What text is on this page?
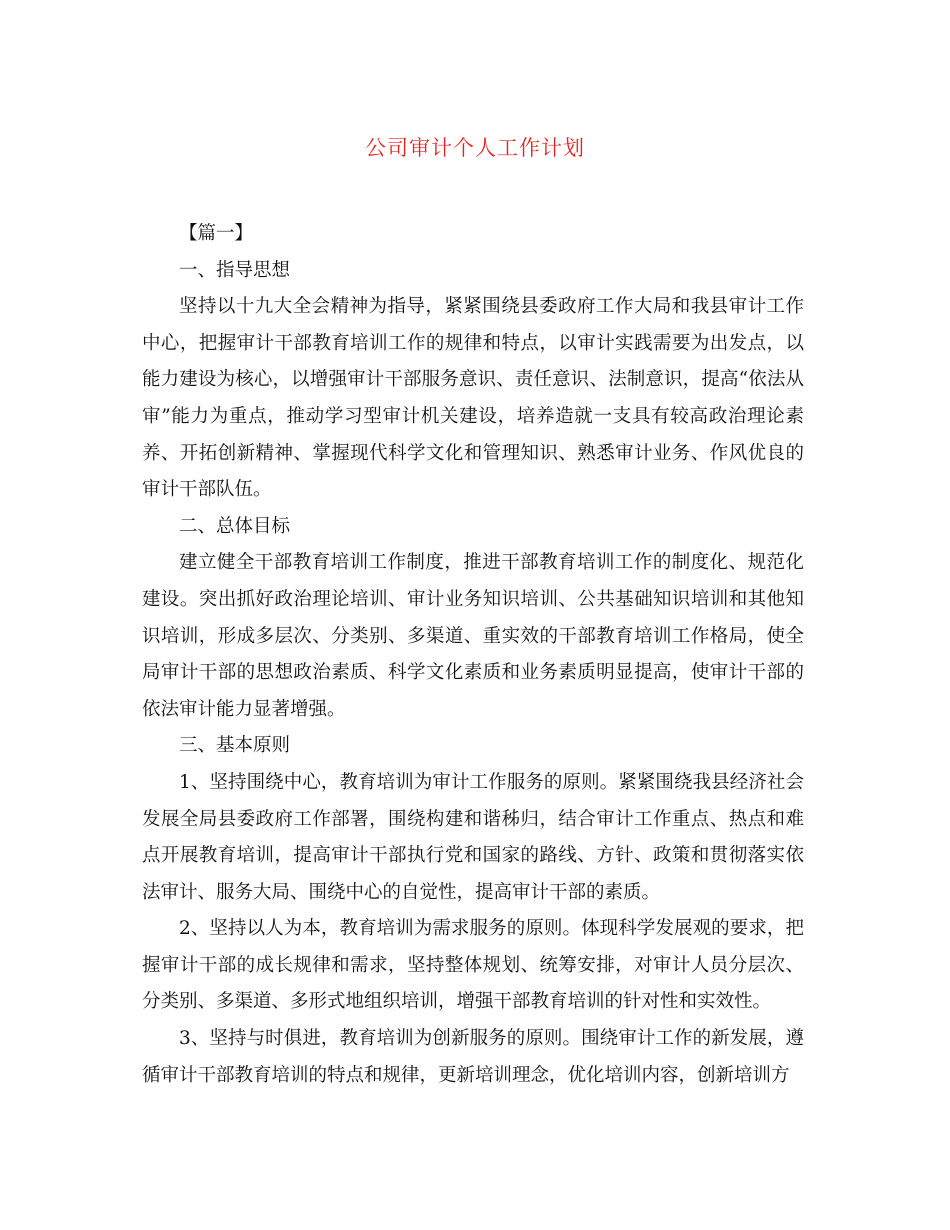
公司审计个人工作计划

【篇一】

一、指导思想

坚持以十九大全会精神为指导，紧紧围绕县委政府工作大局和我县审计工作中心，把握审计干部教育培训工作的规律和特点，以审计实践需要为出发点，以能力建设为核心，以增强审计干部服务意识、责任意识、法制意识，提高“依法从审”能力为重点，推动学习型审计机关建设，培养造就一支具有较高政治理论素养、开拓创新精神、掌握现代科学文化和管理知识、熟悉审计业务、作风优良的审计干部队伍。

二、总体目标

建立健全干部教育培训工作制度，推进干部教育培训工作的制度化、规范化建设。突出抓好政治理论培训、审计业务知识培训、公共基础知识培训和其他知识培训，形成多层次、分类别、多渠道、重实效的干部教育培训工作格局，使全局审计干部的思想政治素质、科学文化素质和业务素质明显提高，使审计干部的依法审计能力显著增强。

三、基本原则

1、坚持围绕中心，教育培训为审计工作服务的原则。紧紧围绕我县经济社会发展全局县委政府工作部署，围绕构建和谐秭归，结合审计工作重点、热点和难点开展教育培训，提高审计干部执行党和国家的路线、方针、政策和贯彻落实依法审计、服务大局、围绕中心的自觉性，提高审计干部的素质。

2、坚持以人为本，教育培训为需求服务的原则。体现科学发展观的要求，把握审计干部的成长规律和需求，坚持整体规划、统筹安排，对审计人员分层次、分类别、多渠道、多形式地组织培训，增强干部教育培训的针对性和实效性。

3、坚持与时俱进，教育培训为创新服务的原则。围绕审计工作的新发展，遵循审计干部教育培训的特点和规律，更新培训理念，优化培训内容，创新培训方
